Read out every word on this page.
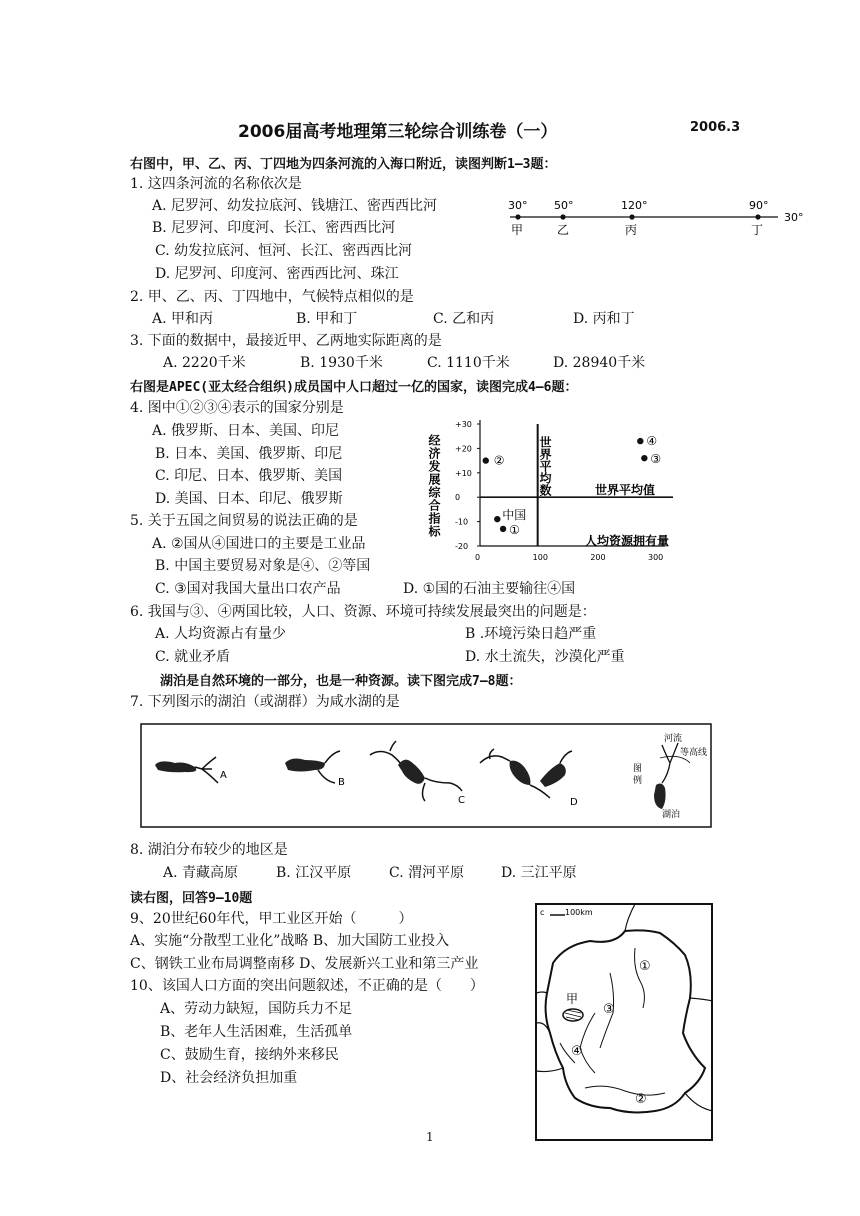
2006届高考地理第三轮综合训练卷（一）	2006.3
右图中，甲、乙、丙、丁四地为四条河流的入海口附近，读图判断1—3题：
1. 这四条河流的名称依次是
A. 尼罗河、幼发拉底河、钱塘江、密西西比河
B. 尼罗河、印度河、长江、密西西比河
C. 幼发拉底河、恒河、长江、密西西比河
D. 尼罗河、印度河、密西西比河、珠江
2. 甲、乙、丙、丁四地中，气候特点相似的是
A. 甲和丙	B. 甲和丁	C. 乙和丙	D. 丙和丁
3. 下面的数据中，最接近甲、乙两地实际距离的是
A. 2220千米	B. 1930千米	C. 1110千米	D. 28940千米
30° 50°	120°	90°
甲	乙	丙	丁
30°
右图是APEC(亚太经合组织)成员国中人口超过一亿的国家，读图完成4—6题：
4. 图中①②③④表示的国家分别是
A. 俄罗斯、日本、美国、印尼
B. 日本、美国、俄罗斯、印尼
C. 印尼、日本、俄罗斯、美国
D. 美国、日本、印尼、俄罗斯
5. 关于五国之间贸易的说法正确的是
A. ②国从④国进口的主要是工业品
B. 中国主要贸易对象是④、②等国
C. ③国对我国大量出口农产品	D. ①国的石油主要输往④国
6. 我国与③、④两国比较，人口、资源、环境可持续发展最突出的问题是：
A. 人均资源占有量少	B .环境污染日趋严重
C. 就业矛盾	D. 水土流失，沙漠化严重
经济发展综合指标	世界平均数	世界平均值
人均资源拥有量
+30
+20
+10
0
-10
-20
0	100	200	300
②
④
③
中国
①
湖泊是自然环境的一部分，也是一种资源。读下图完成7—8题：
7. 下列图示的湖泊（或湖群）为咸水湖的是
A
B
C	D
图 例
河流
等高线
湖泊
8. 湖泊分布较少的地区是
A. 青藏高原	B. 江汉平原	C. 渭河平原	D. 三江平原
读右图，回答9—10题
9、20世纪60年代，甲工业区开始（　　　）
A、实施“分散型工业化”战略 B、加大国防工业投入
C、钢铁工业布局调整南移 D、发展新兴工业和第三产业
10、该国人口方面的突出问题叙述，不正确的是（　　）
A、劳动力缺短，国防兵力不足
B、老年人生活困难，生活孤单
C、鼓励生育，接纳外来移民
D、社会经济负担加重
c	100km
甲
①
③
④
②
1
